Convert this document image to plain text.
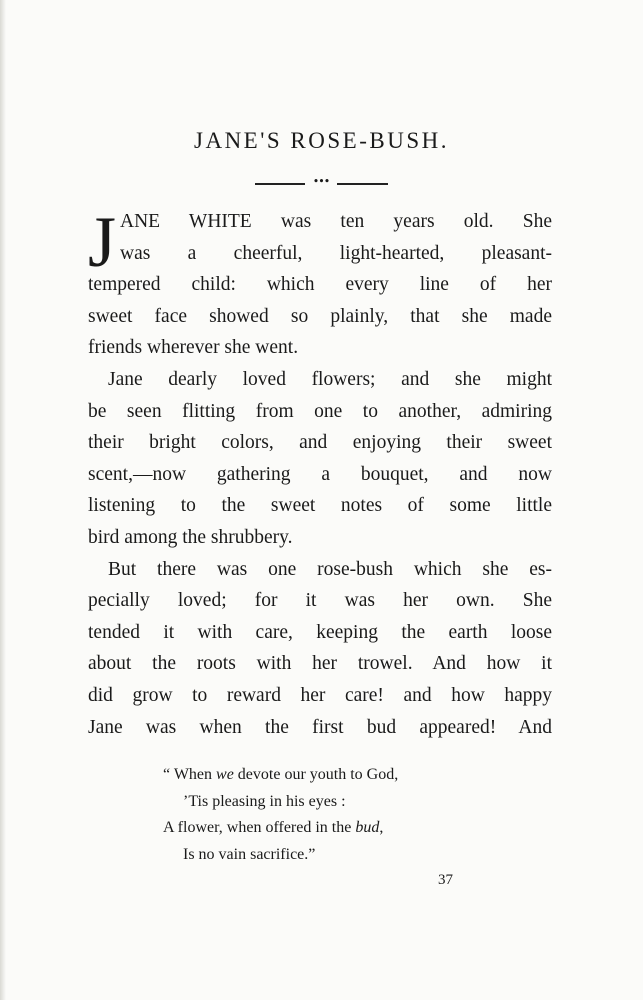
JANE'S ROSE-BUSH.
•••
J ANE WHITE was ten years old. She
was a cheerful, light-hearted, pleasant-
tempered child: which every line of her
sweet face showed so plainly, that she made
friends wherever she went.
Jane dearly loved flowers; and she might
be seen flitting from one to another, admiring
their bright colors, and enjoying their sweet
scent,—now gathering a bouquet, and now
listening to the sweet notes of some little
bird among the shrubbery.
But there was one rose-bush which she es-
pecially loved; for it was her own. She
tended it with care, keeping the earth loose
about the roots with her trowel. And how it
did grow to reward her care! and how happy
Jane was when the first bud appeared! And
“ When we devote our youth to God,
’Tis pleasing in his eyes :
A flower, when offered in the bud,
Is no vain sacrifice.”
37
